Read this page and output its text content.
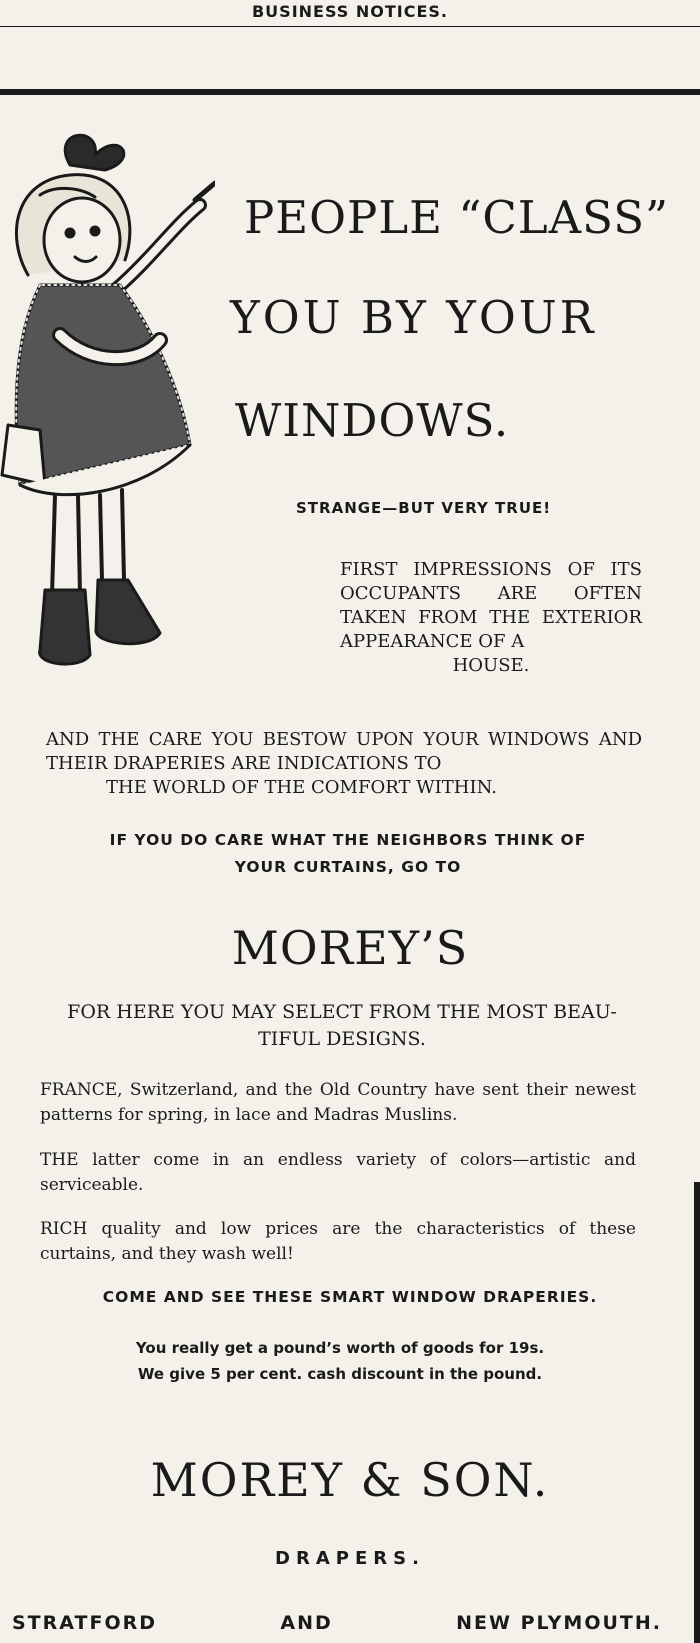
BUSINESS NOTICES.
PEOPLE “CLASS”
YOU BY YOUR
WINDOWS.
STRANGE—BUT VERY TRUE!
FIRST IMPRESSIONS OF ITS OCCUPANTS ARE OFTEN TAKEN FROM THE EXTERIOR APPEARANCE OF A
HOUSE.
AND THE CARE YOU BESTOW UPON YOUR WINDOWS AND THEIR DRAPERIES ARE INDICATIONS TO
THE WORLD OF THE COMFORT WITHIN.
IF YOU DO CARE WHAT THE NEIGHBORS THINK OF
YOUR CURTAINS, GO TO
MOREY’S
FOR HERE YOU MAY SELECT FROM THE MOST BEAU-
TIFUL DESIGNS.
FRANCE, Switzerland, and the Old Country have sent their newest patterns for spring, in lace and Madras Muslins.
THE latter come in an endless variety of colors—artistic and serviceable.
RICH quality and low prices are the characteristics of these curtains, and they wash well!
COME AND SEE THESE SMART WINDOW DRAPERIES.
You really get a pound’s worth of goods for 19s.
We give 5 per cent. cash discount in the pound.
MOREY & SON.
DRAPERS.
STRATFORD	AND	NEW PLYMOUTH.
